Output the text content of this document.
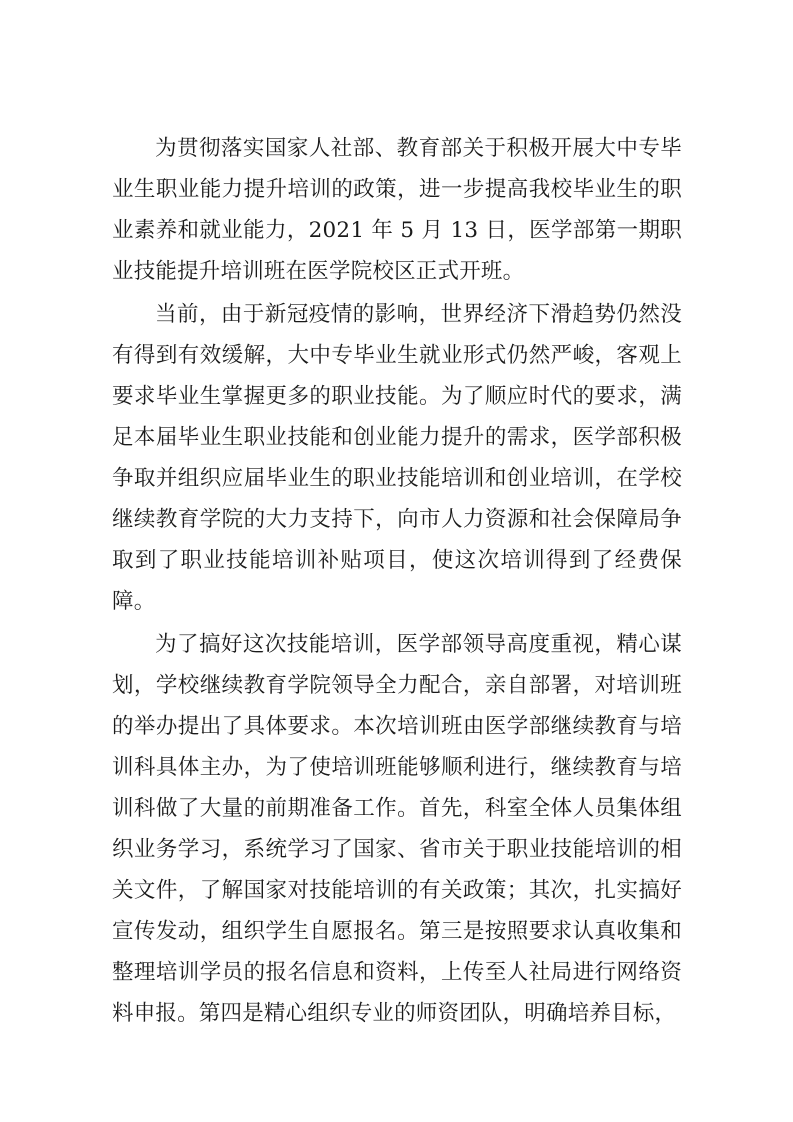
为贯彻落实国家人社部、教育部关于积极开展大中专毕业生职业能力提升培训的政策，进一步提高我校毕业生的职业素养和就业能力，2021 年 5 月 13 日，医学部第一期职业技能提升培训班在医学院校区正式开班。

当前，由于新冠疫情的影响，世界经济下滑趋势仍然没有得到有效缓解，大中专毕业生就业形式仍然严峻，客观上要求毕业生掌握更多的职业技能。为了顺应时代的要求，满足本届毕业生职业技能和创业能力提升的需求，医学部积极争取并组织应届毕业生的职业技能培训和创业培训，在学校继续教育学院的大力支持下，向市人力资源和社会保障局争取到了职业技能培训补贴项目，使这次培训得到了经费保障。

为了搞好这次技能培训，医学部领导高度重视，精心谋划，学校继续教育学院领导全力配合，亲自部署，对培训班的举办提出了具体要求。本次培训班由医学部继续教育与培训科具体主办，为了使培训班能够顺利进行，继续教育与培训科做了大量的前期准备工作。首先，科室全体人员集体组织业务学习，系统学习了国家、省市关于职业技能培训的相关文件，了解国家对技能培训的有关政策；其次，扎实搞好宣传发动，组织学生自愿报名。第三是按照要求认真收集和整理培训学员的报名信息和资料，上传至人社局进行网络资料申报。第四是精心组织专业的师资团队，明确培养目标，
